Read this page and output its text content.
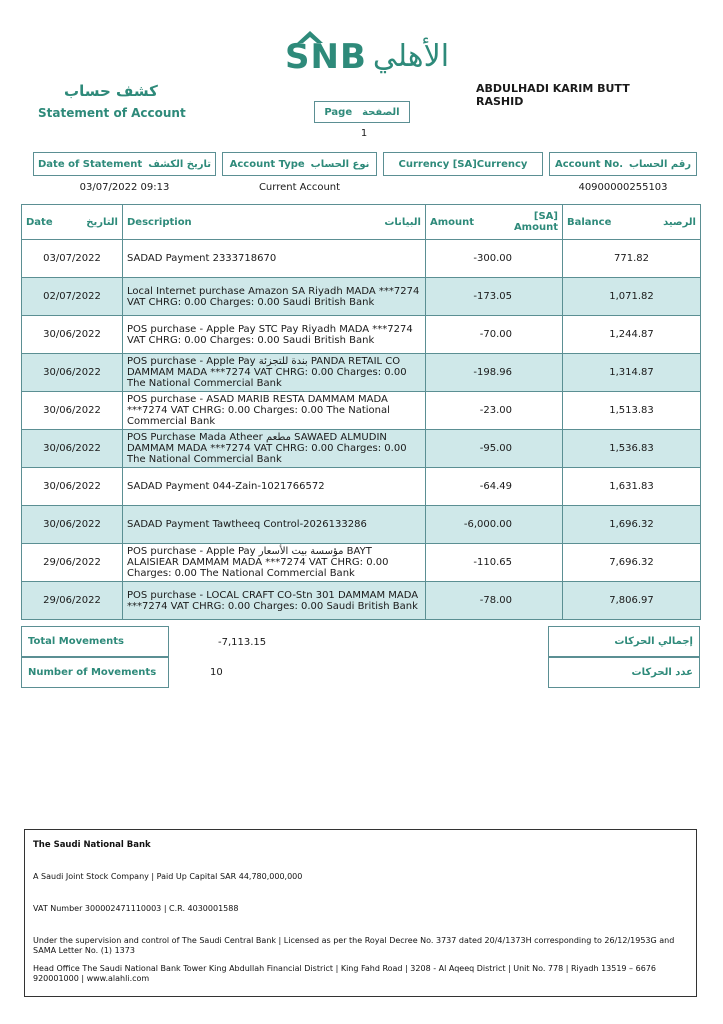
SNB الأهلي
كشف حساب
Statement of Account	Page الصفحة
1
ABDULHADI KARIM BUTT RASHID
Date of Statement تاريخ الكشف Account Type نوع الحساب	Currency [SA]Currency	Account No. رقم الحساب
03/07/2022 09:13	Current Account	40900000255103
Date التاريخ	Description البيانات	Amount [SA]
Amount	Balance الرصيد

03/07/2022	SADAD Payment 2333718670	-300.00	771.82
02/07/2022	Local Internet purchase Amazon SA Riyadh MADA ***7274 VAT CHRG: 0.00 Charges: 0.00 Saudi British Bank	-173.05	1,071.82
30/06/2022	POS purchase - Apple Pay STC Pay Riyadh MADA ***7274 VAT CHRG: 0.00 Charges: 0.00 Saudi British Bank	-70.00	1,244.87
30/06/2022	POS purchase - Apple Pay بندة للتجزئة PANDA RETAIL CO DAMMAM MADA ***7274 VAT CHRG: 0.00 Charges: 0.00 The National Commercial Bank	-198.96	1,314.87
30/06/2022	POS purchase - ASAD MARIB RESTA DAMMAM MADA ***7274 VAT CHRG: 0.00 Charges: 0.00 The National Commercial Bank	-23.00	1,513.83
30/06/2022	POS Purchase Mada Atheer مطعم SAWAED ALMUDIN DAMMAM MADA ***7274 VAT CHRG: 0.00 Charges: 0.00 The National Commercial Bank	-95.00	1,536.83
30/06/2022	SADAD Payment 044-Zain-1021766572	-64.49	1,631.83
30/06/2022	SADAD Payment Tawtheeq Control-2026133286	-6,000.00	1,696.32
29/06/2022	POS purchase - Apple Pay مؤسسة بيت الأسعار BAYT ALAISIEAR DAMMAM MADA ***7274 VAT CHRG: 0.00 Charges: 0.00 The National Commercial Bank	-110.65	7,696.32
29/06/2022	POS purchase - LOCAL CRAFT CO-Stn 301 DAMMAM MADA ***7274 VAT CHRG: 0.00 Charges: 0.00 Saudi British Bank	-78.00	7,806.97
Total Movements	-7,113.15	إجمالي الحركات
Number of Movements	10	عدد الحركات

The Saudi National Bank

A Saudi Joint Stock Company | Paid Up Capital SAR 44,780,000,000

VAT Number 300002471110003 | C.R. 4030001588

Under the supervision and control of The Saudi Central Bank | Licensed as per the Royal Decree No. 3737 dated 20/4/1373H corresponding to 26/12/1953G and SAMA Letter No. (1) 1373

Head Office The Saudi National Bank Tower King Abdullah Financial District | King Fahd Road | 3208 - Al Aqeeq District | Unit No. 778 | Riyadh 13519 – 6676

920001000 | www.alahli.com
